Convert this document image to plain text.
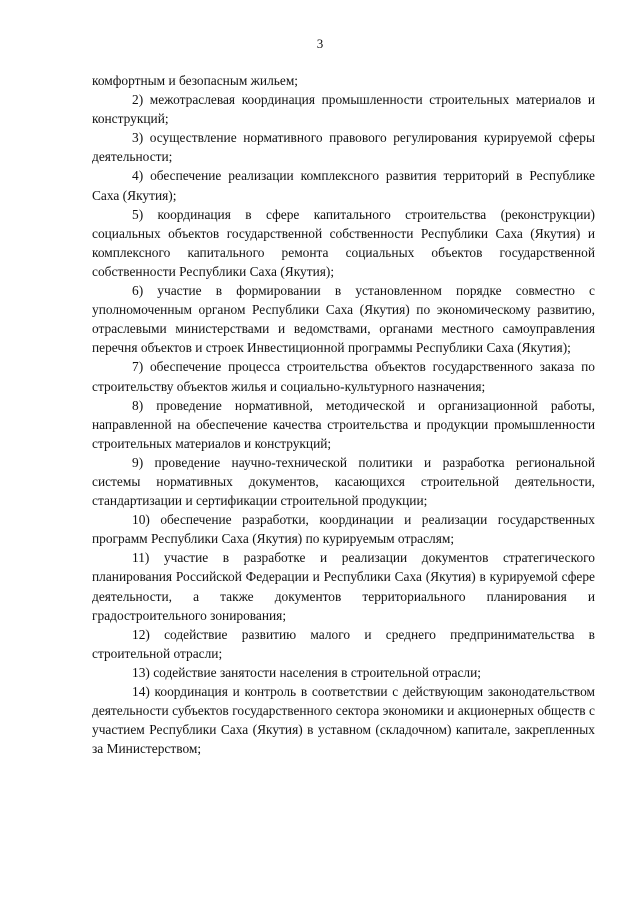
3

комфортным и безопасным жильем;

2) межотраслевая координация промышленности строительных материалов и конструкций;

3) осуществление нормативного правового регулирования курируемой сферы деятельности;

4) обеспечение реализации комплексного развития территорий в Республике Саха (Якутия);

5) координация в сфере капитального строительства (реконструкции) социальных объектов государственной собственности Республики Саха (Якутия) и комплексного капитального ремонта социальных объектов государственной собственности Республики Саха (Якутия);

6) участие в формировании в установленном порядке совместно с уполномоченным органом Республики Саха (Якутия) по экономическому развитию, отраслевыми министерствами и ведомствами, органами местного самоуправления перечня объектов и строек Инвестиционной программы Республики Саха (Якутия);

7) обеспечение процесса строительства объектов государственного заказа по строительству объектов жилья и социально-культурного назначения;

8) проведение нормативной, методической и организационной работы, направленной на обеспечение качества строительства и продукции промышленности строительных материалов и конструкций;

9) проведение научно-технической политики и разработка региональной системы нормативных документов, касающихся строительной деятельности, стандартизации и сертификации строительной продукции;

10) обеспечение разработки, координации и реализации государственных программ Республики Саха (Якутия) по курируемым отраслям;

11) участие в разработке и реализации документов стратегического планирования Российской Федерации и Республики Саха (Якутия) в курируемой сфере деятельности, а также документов территориального планирования и градостроительного зонирования;

12) содействие развитию малого и среднего предпринимательства в строительной отрасли;

13) содействие занятости населения в строительной отрасли;

14) координация и контроль в соответствии с действующим законодательством деятельности субъектов государственного сектора экономики и акционерных обществ с участием Республики Саха (Якутия) в уставном (складочном) капитале, закрепленных за Министерством;
